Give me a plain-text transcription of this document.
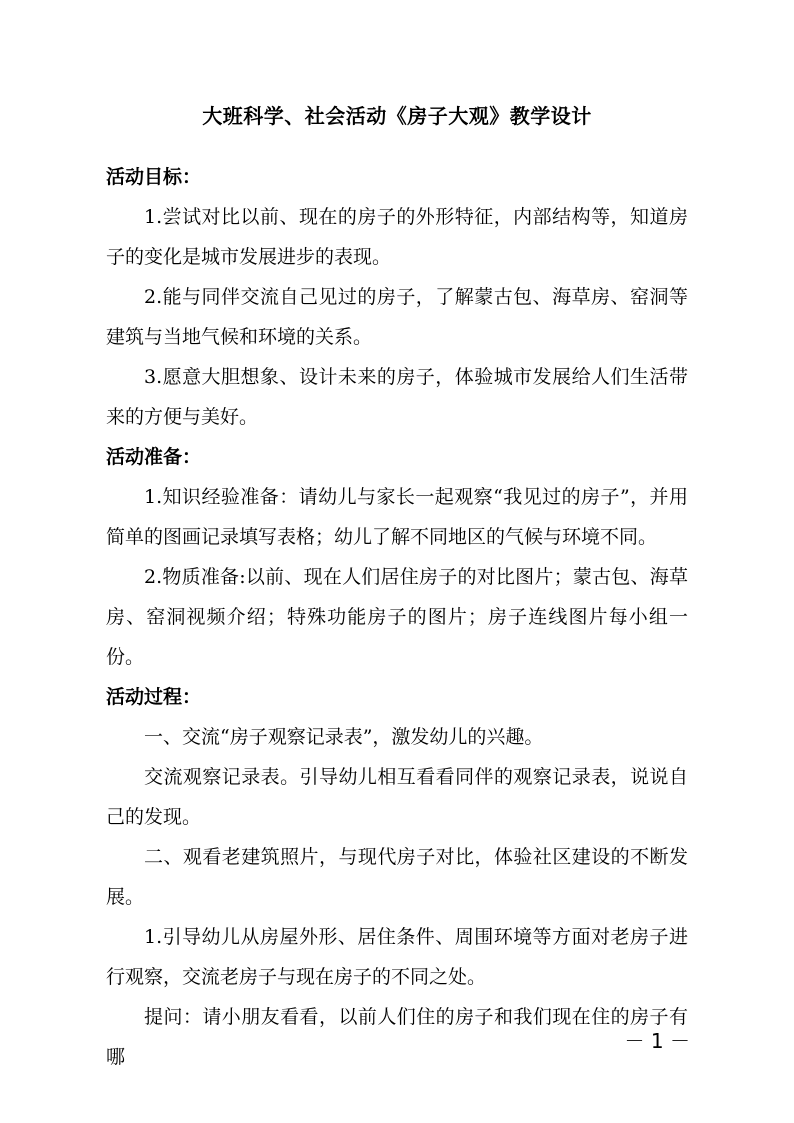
大班科学、社会活动《房子大观》教学设计

活动目标：

1.尝试对比以前、现在的房子的外形特征，内部结构等，知道房子的变化是城市发展进步的表现。

2.能与同伴交流自己见过的房子，了解蒙古包、海草房、窑洞等建筑与当地气候和环境的关系。

3.愿意大胆想象、设计未来的房子，体验城市发展给人们生活带来的方便与美好。

活动准备：

1.知识经验准备：请幼儿与家长一起观察“我见过的房子”，并用简单的图画记录填写表格；幼儿了解不同地区的气候与环境不同。

2.物质准备:以前、现在人们居住房子的对比图片；蒙古包、海草房、窑洞视频介绍；特殊功能房子的图片；房子连线图片每小组一份。

活动过程：

一、交流“房子观察记录表”，激发幼儿的兴趣。

交流观察记录表。引导幼儿相互看看同伴的观察记录表，说说自己的发现。

二、观看老建筑照片，与现代房子对比，体验社区建设的不断发展。

1.引导幼儿从房屋外形、居住条件、周围环境等方面对老房子进行观察，交流老房子与现在房子的不同之处。

提问：请小朋友看看，以前人们住的房子和我们现在住的房子有哪

－ 1 －
